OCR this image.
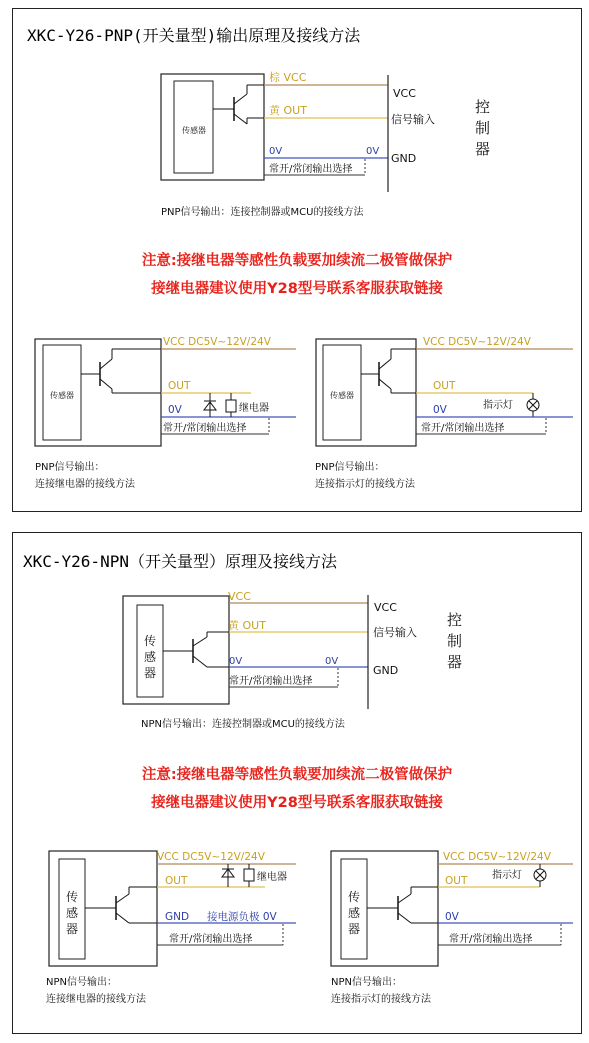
XKC-Y26-PNP(开关量型)输出原理及接线方法
传感器
棕 VCC
黄 OUT
0V	0V
常开/常闭输出选择
VCC
信号输入
GND
控
制
器
PNP信号输出：连接控制器或MCU的接线方法
注意:接继电器等感性负载要加续流二极管做保护
接继电器建议使用Y28型号联系客服获取链接
传感器
VCC DC5V~12V/24V
OUT
0V
常开/常闭输出选择
继电器
PNP信号输出：
连接继电器的接线方法
传感器
VCC DC5V~12V/24V
OUT
0V	指示灯
常开/常闭输出选择
PNP信号输出：
连接指示灯的接线方法
XKC-Y26-NPN（开关量型）原理及接线方法
传
感
器
VCC
黄 OUT
0V	0V
常开/常闭输出选择
VCC
信号输入
GND
控
制
器
NPN信号输出：连接控制器或MCU的接线方法
注意:接继电器等感性负载要加续流二极管做保护
接继电器建议使用Y28型号联系客服获取链接
传
感
器
VCC DC5V~12V/24V
OUT
GND 接电源负极 0V
常开/常闭输出选择
继电器
NPN信号输出：
连接继电器的接线方法
传
感
器
VCC DC5V~12V/24V
OUT
0V
指示灯
常开/常闭输出选择
NPN信号输出：
连接指示灯的接线方法
